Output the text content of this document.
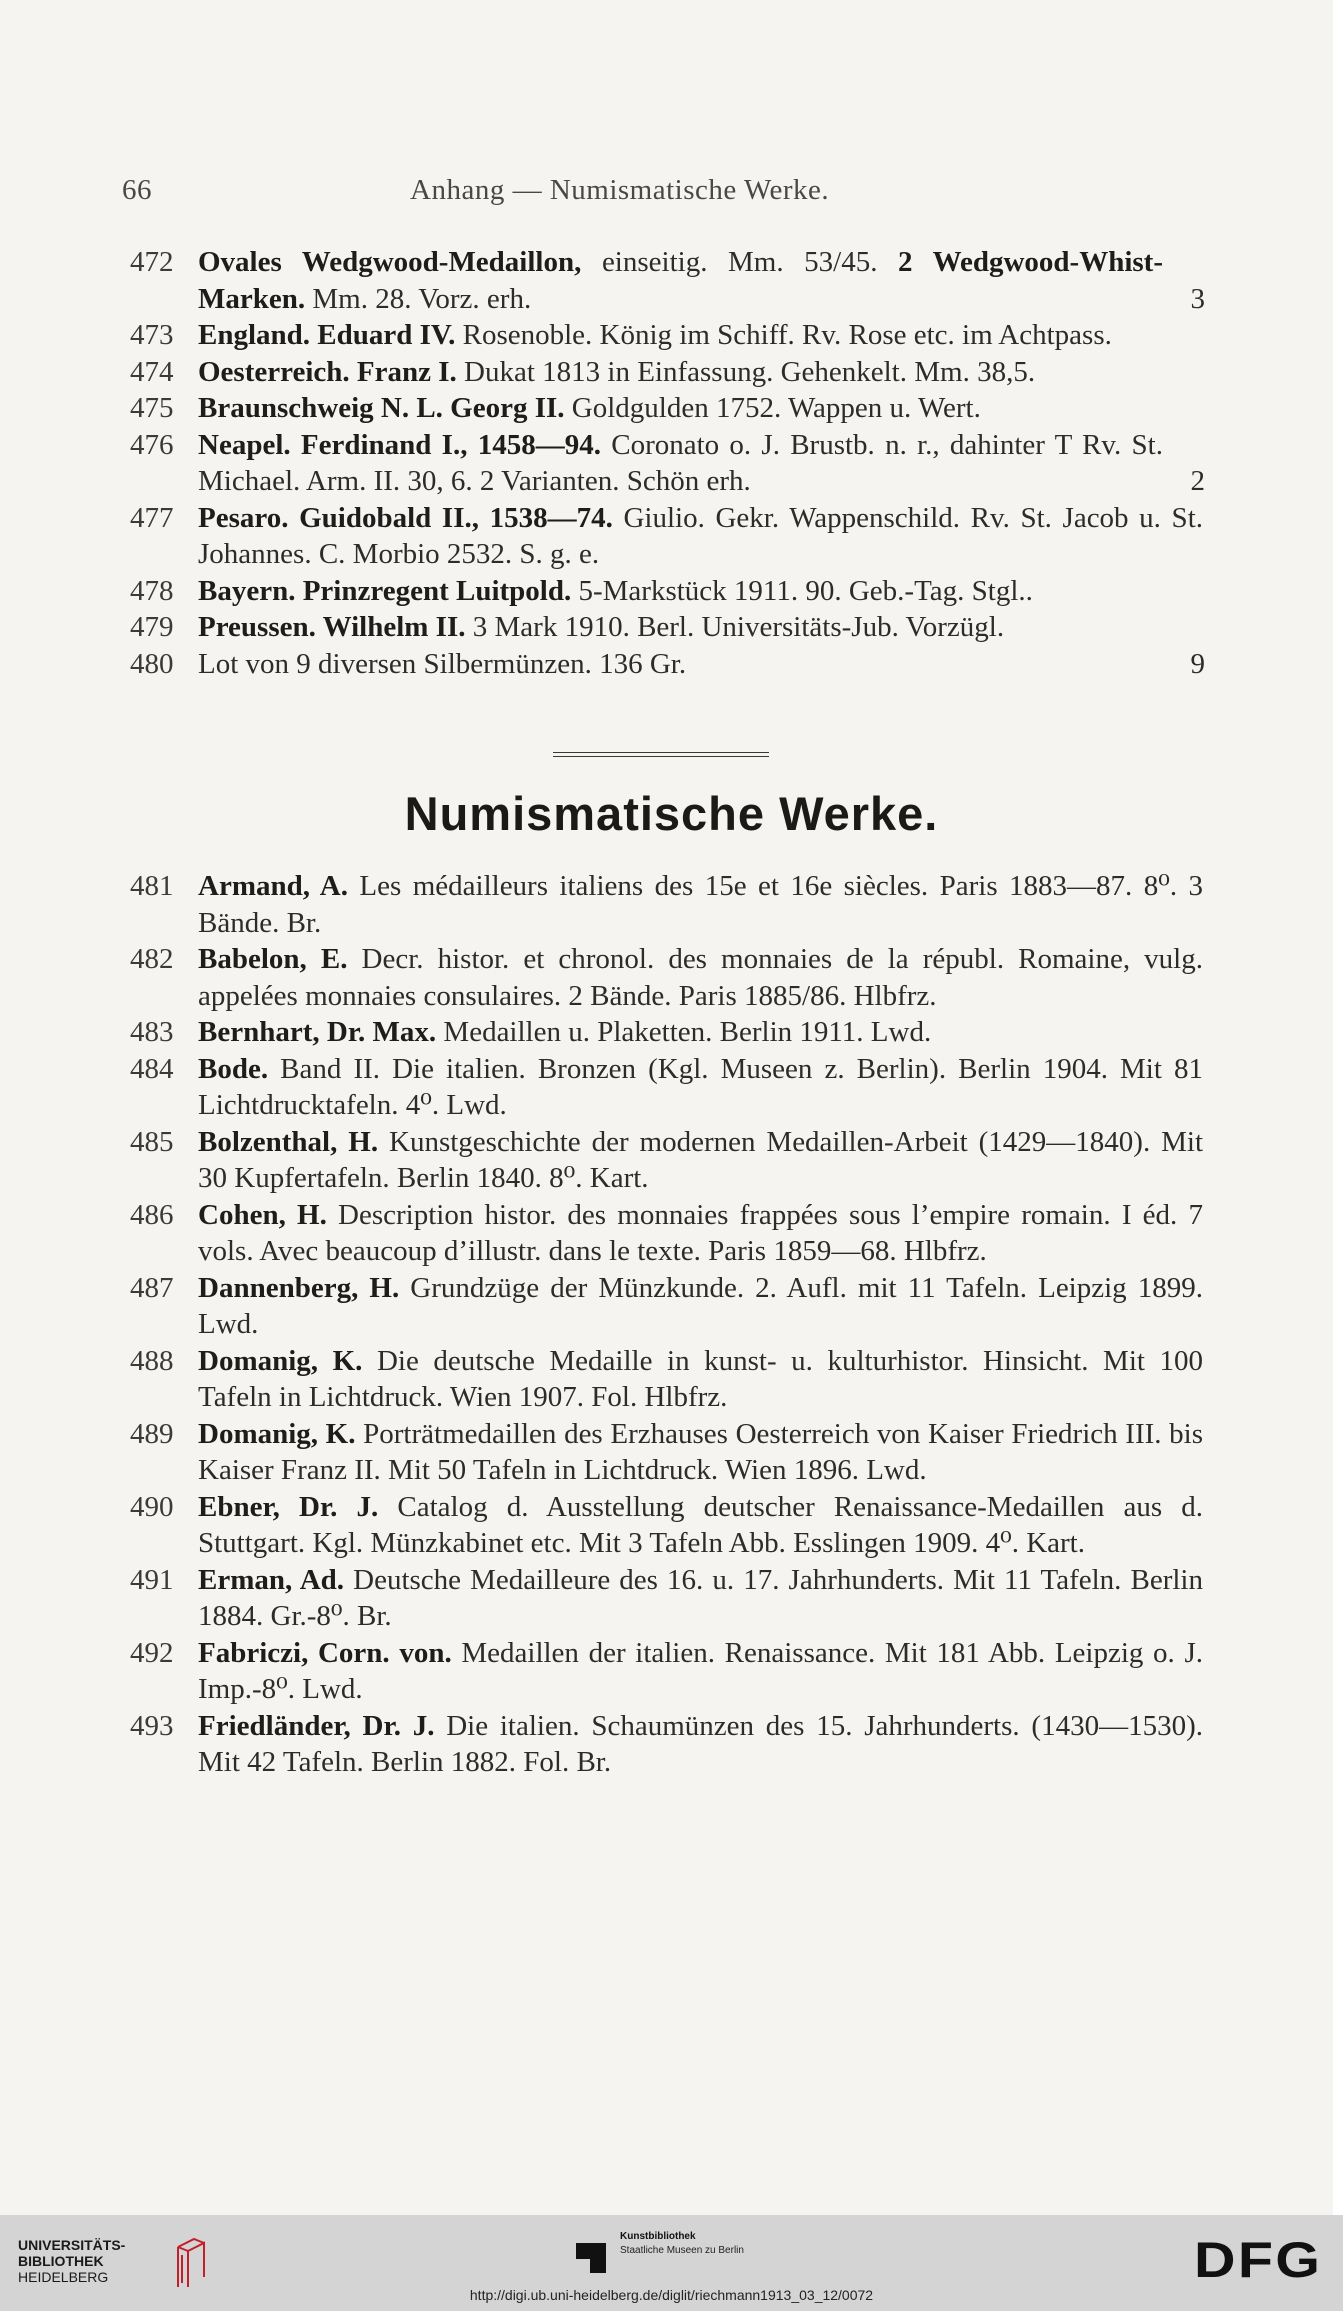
66	Anhang — Numismatische Werke.
472 Ovales Wedgwood-Medaillon, einseitig. Mm. 53/45. 2 Wedgwood-Whist-Marken. Mm. 28. Vorz. erh.	3
473 England. Eduard IV. Rosenoble. König im Schiff. Rv. Rose etc. im Achtpass.
474 Oesterreich. Franz I. Dukat 1813 in Einfassung. Gehenkelt. Mm. 38,5.
475 Braunschweig N. L. Georg II. Goldgulden 1752. Wappen u. Wert.
476 Neapel. Ferdinand I., 1458—94. Coronato o. J. Brustb. n. r., dahinter T Rv. St. Michael. Arm. II. 30, 6. 2 Varianten. Schön erh.	2
477 Pesaro. Guidobald II., 1538—74. Giulio. Gekr. Wappenschild. Rv. St. Jacob u. St. Johannes. C. Morbio 2532. S. g. e.
478 Bayern. Prinzregent Luitpold. 5-Markstück 1911. 90. Geb.-Tag. Stgl..
479 Preussen. Wilhelm II. 3 Mark 1910. Berl. Universitäts-Jub. Vorzügl.
480 Lot von 9 diversen Silbermünzen. 136 Gr.	9
Numismatische Werke.
481 Armand, A. Les médailleurs italiens des 15e et 16e siècles. Paris 1883—87. 8⁰. 3 Bände. Br.
482 Babelon, E. Decr. histor. et chronol. des monnaies de la républ. Romaine, vulg. appelées monnaies consulaires. 2 Bände. Paris 1885/86. Hlbfrz.
483 Bernhart, Dr. Max. Medaillen u. Plaketten. Berlin 1911. Lwd.
484 Bode. Band II. Die italien. Bronzen (Kgl. Museen z. Berlin). Berlin 1904. Mit 81 Lichtdrucktafeln. 4⁰. Lwd.
485 Bolzenthal, H. Kunstgeschichte der modernen Medaillen-Arbeit (1429—1840). Mit 30 Kupfertafeln. Berlin 1840. 8⁰. Kart.
486 Cohen, H. Description histor. des monnaies frappées sous l’empire romain. I éd. 7 vols. Avec beaucoup d’illustr. dans le texte. Paris 1859—68. Hlbfrz.
487 Dannenberg, H. Grundzüge der Münzkunde. 2. Aufl. mit 11 Tafeln. Leipzig 1899. Lwd.
488 Domanig, K. Die deutsche Medaille in kunst- u. kulturhistor. Hinsicht. Mit 100 Tafeln in Lichtdruck. Wien 1907. Fol. Hlbfrz.
489 Domanig, K. Porträtmedaillen des Erzhauses Oesterreich von Kaiser Friedrich III. bis Kaiser Franz II. Mit 50 Tafeln in Lichtdruck. Wien 1896. Lwd.
490 Ebner, Dr. J. Catalog d. Ausstellung deutscher Renaissance-Medaillen aus d. Stuttgart. Kgl. Münzkabinet etc. Mit 3 Tafeln Abb. Esslingen 1909. 4⁰. Kart.
491 Erman, Ad. Deutsche Medailleure des 16. u. 17. Jahrhunderts. Mit 11 Tafeln. Berlin 1884. Gr.-8⁰. Br.
492 Fabriczi, Corn. von. Medaillen der italien. Renaissance. Mit 181 Abb. Leipzig o. J. Imp.-8⁰. Lwd.
493 Friedländer, Dr. J. Die italien. Schaumünzen des 15. Jahrhunderts. (1430—1530). Mit 42 Tafeln. Berlin 1882. Fol. Br.
UNIVERSITÄTS-
BIBLIOTHEK
HEIDELBERG
Kunstbibliothek
Staatliche Museen zu Berlin	DFG
http://digi.ub.uni-heidelberg.de/diglit/riechmann1913_03_12/0072
